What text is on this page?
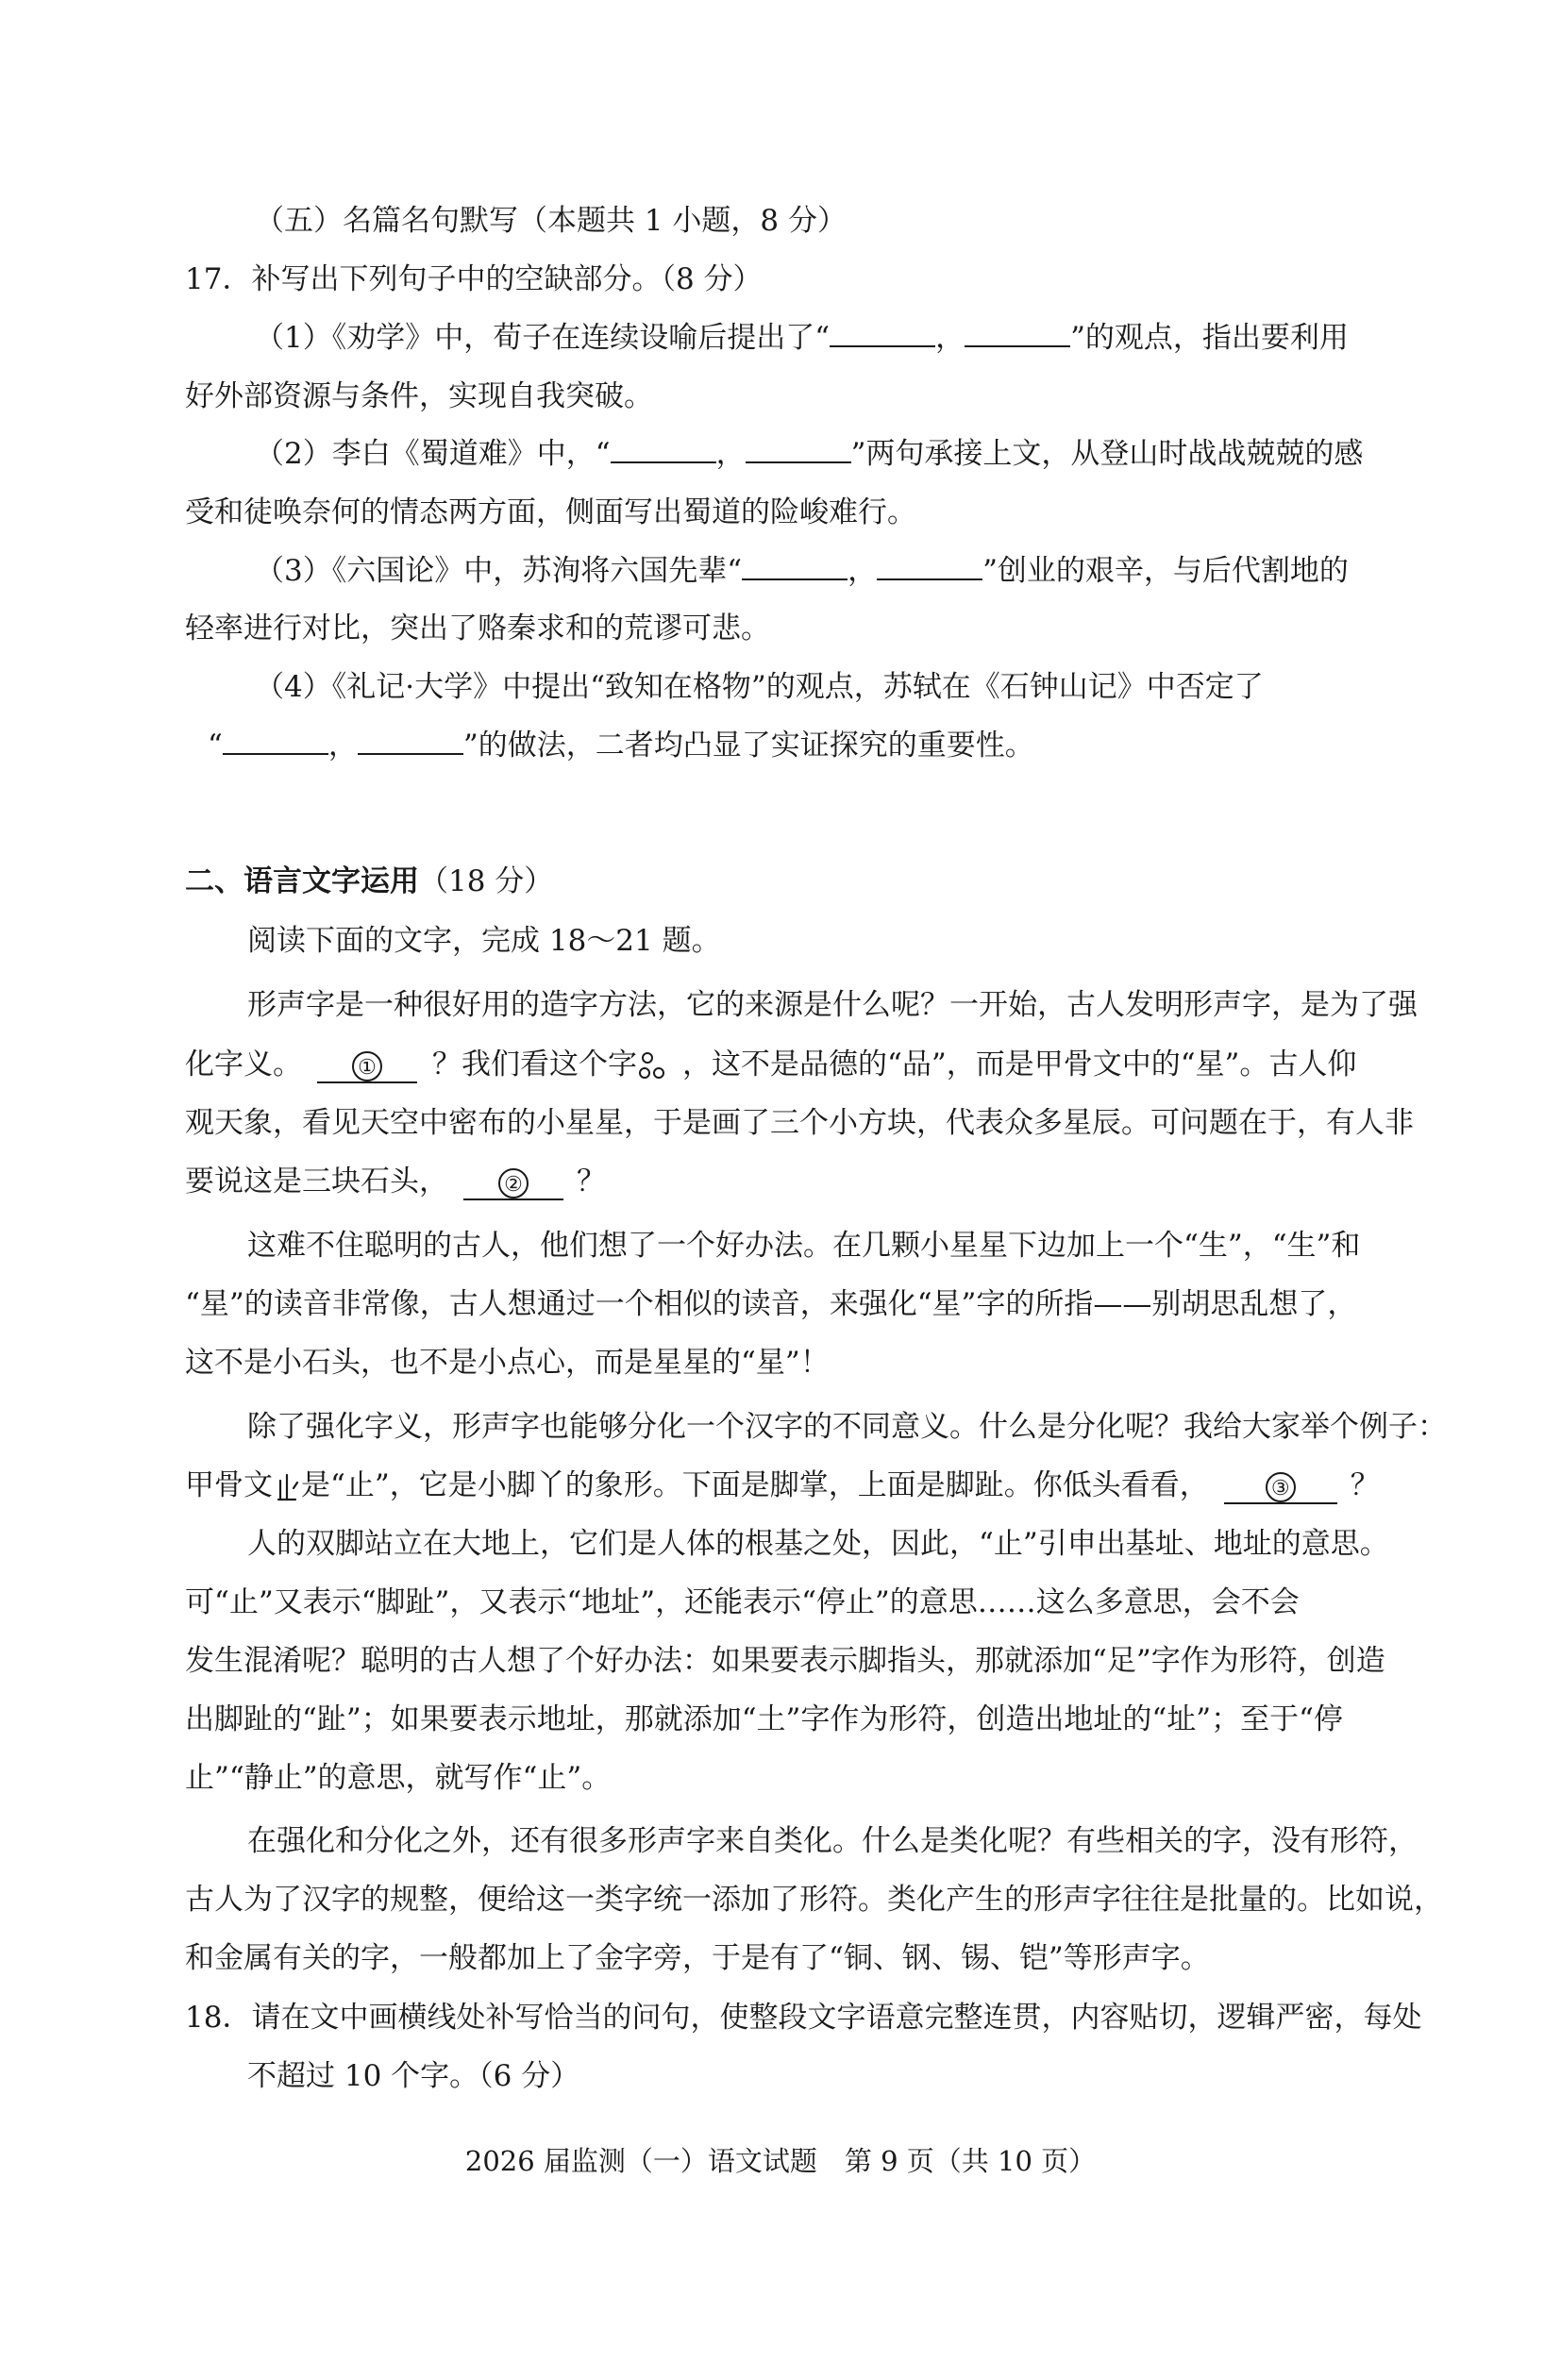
（五）名篇名句默写（本题共 1 小题，8 分）
17．补写出下列句子中的空缺部分。（8 分）
（1）《劝学》中，荀子在连续设喻后提出了“	，	”的观点，指出要利用
好外部资源与条件，实现自我突破。
（2）李白《蜀道难》中，“	，	”两句承接上文，从登山时战战兢兢的感
受和徒唤奈何的情态两方面，侧面写出蜀道的险峻难行。
（3）《六国论》中，苏洵将六国先辈“	，	”创业的艰辛，与后代割地的
轻率进行对比，突出了赂秦求和的荒谬可悲。
（4）《礼记·大学》中提出“致知在格物”的观点，苏轼在《石钟山记》中否定了
“	，	”的做法，二者均凸显了实证探究的重要性。
二、语言文字运用（18 分）
阅读下面的文字，完成 18～21 题。
形声字是一种很好用的造字方法，它的来源是什么呢？一开始，古人发明形声字，是为了强
化字义。	① ？我们看这个字 ，这不是品德的“品”，而是甲骨文中的“星”。古人仰
观天象，看见天空中密布的小星星，于是画了三个小方块，代表众多星辰。可问题在于，有人非
要说这是三块石头，	② ？
这难不住聪明的古人，他们想了一个好办法。在几颗小星星下边加上一个“生”，“生”和
“星”的读音非常像，古人想通过一个相似的读音，来强化“星”字的所指——别胡思乱想了，
这不是小石头，也不是小点心，而是星星的“星”！
除了强化字义，形声字也能够分化一个汉字的不同意义。什么是分化呢？我给大家举个例子：
甲骨文 是“止”，它是小脚丫的象形。下面是脚掌，上面是脚趾。你低头看看，	③ ？
人的双脚站立在大地上，它们是人体的根基之处，因此，“止”引申出基址、地址的意思。
可“止”又表示“脚趾”，又表示“地址”，还能表示“停止”的意思……这么多意思，会不会
发生混淆呢？聪明的古人想了个好办法：如果要表示脚指头，那就添加“足”字作为形符，创造
出脚趾的“趾”；如果要表示地址，那就添加“土”字作为形符，创造出地址的“址”；至于“停
止”“静止”的意思，就写作“止”。
在强化和分化之外，还有很多形声字来自类化。什么是类化呢？有些相关的字，没有形符，
古人为了汉字的规整，便给这一类字统一添加了形符。类化产生的形声字往往是批量的。比如说，
和金属有关的字，一般都加上了金字旁，于是有了“铜、钢、锡、铠”等形声字。
18．请在文中画横线处补写恰当的问句，使整段文字语意完整连贯，内容贴切，逻辑严密，每处
不超过 10 个字。（6 分）
2026 届监测（一）语文试题　第 9 页（共 10 页）
